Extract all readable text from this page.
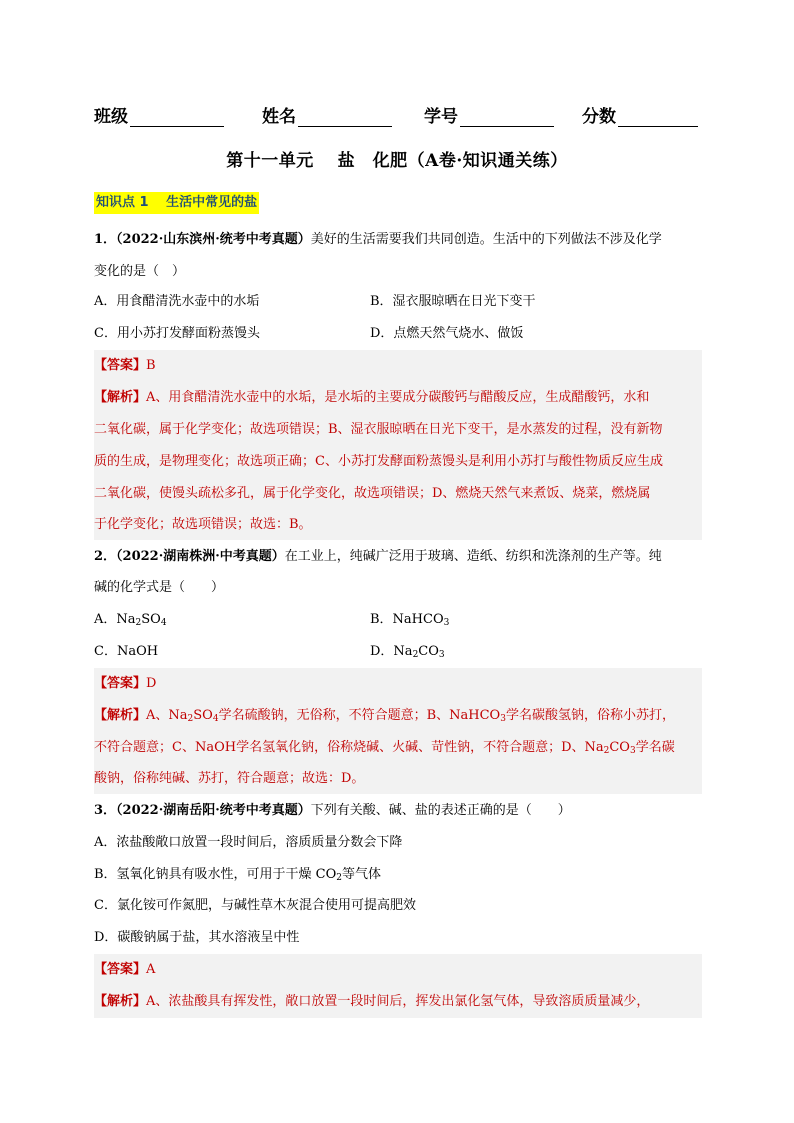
班级	姓名	学号	分数
第十一单元　 盐　化肥（A卷·知识通关练）
知识点 1　 生活中常见的盐
1．（2022·山东滨州·统考中考真题）美好的生活需要我们共同创造。生活中的下列做法不涉及化学
变化的是（　）
A．用食醋清洗水壶中的水垢	B．湿衣服晾晒在日光下变干
C．用小苏打发酵面粉蒸馒头	D．点燃天然气烧水、做饭
【答案】B
【解析】A、用食醋清洗水壶中的水垢，是水垢的主要成分碳酸钙与醋酸反应，生成醋酸钙，水和
二氧化碳，属于化学变化；故选项错误；B、湿衣服晾晒在日光下变干，是水蒸发的过程，没有新物
质的生成，是物理变化；故选项正确；C、小苏打发酵面粉蒸馒头是利用小苏打与酸性物质反应生成
二氧化碳，使馒头疏松多孔，属于化学变化，故选项错误；D、燃烧天然气来煮饭、烧菜，燃烧属
于化学变化；故选项错误；故选：B。
2．（2022·湖南株洲·中考真题）在工业上，纯碱广泛用于玻璃、造纸、纺织和洗涤剂的生产等。纯
碱的化学式是（　　）
A．$Na_2SO_4$	B．NaHCO$_3$
C．NaOH	D．$Na_2CO_3$
【答案】D
【解析】A、$Na_2SO_4$学名硫酸钠，无俗称，不符合题意；B、NaHCO$_3$学名碳酸氢钠，俗称小苏打，
不符合题意；C、NaOH学名氢氧化钠，俗称烧碱、火碱、苛性钠，不符合题意；D、$Na_2CO_3$学名碳
酸钠，俗称纯碱、苏打，符合题意；故选：D。
3．（2022·湖南岳阳·统考中考真题）下列有关酸、碱、盐的表述正确的是（　　）
A．浓盐酸敞口放置一段时间后，溶质质量分数会下降
B．氢氧化钠具有吸水性，可用于干燥 $CO_2$等气体
C．氯化铵可作氮肥，与碱性草木灰混合使用可提高肥效
D．碳酸钠属于盐，其水溶液呈中性
【答案】A
【解析】A、浓盐酸具有挥发性，敞口放置一段时间后，挥发出氯化氢气体，导致溶质质量减少，
